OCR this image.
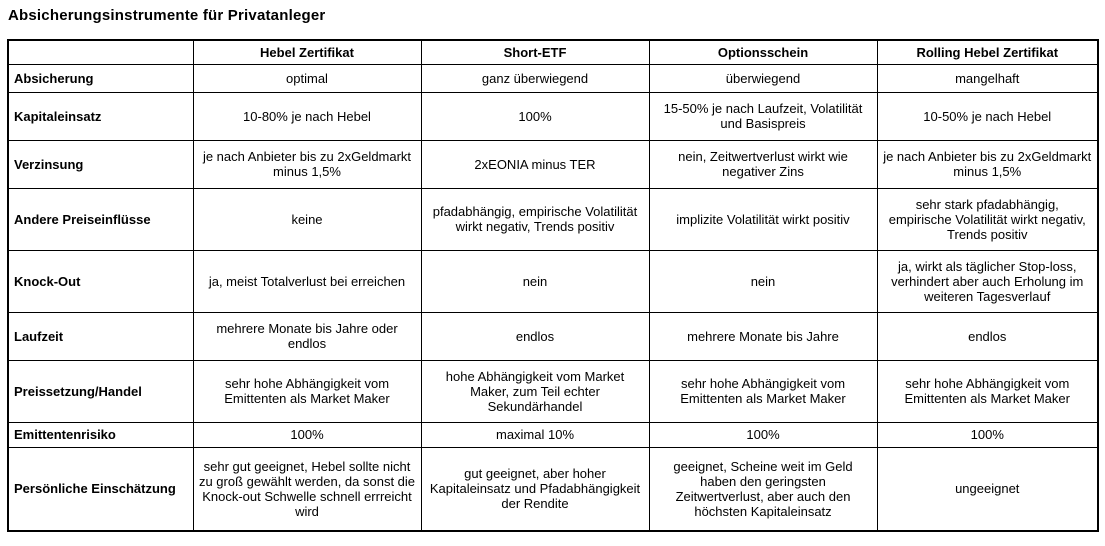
Absicherungsinstrumente für Privatanleger
	Hebel Zertifikat	Short-ETF	Optionsschein	Rolling Hebel Zertifikat
Absicherung	optimal	ganz überwiegend	überwiegend	mangelhaft
Kapitaleinsatz	10-80% je nach Hebel	100%	15-50% je nach Laufzeit, Volatilität und Basispreis	10-50% je nach Hebel
Verzinsung	je nach Anbieter bis zu 2xGeldmarkt minus 1,5%	2xEONIA minus TER	nein, Zeitwertverlust wirkt wie negativer Zins	je nach Anbieter bis zu 2xGeldmarkt minus 1,5%
Andere Preiseinflüsse	keine	pfadabhängig, empirische Volatilität wirkt negativ, Trends positiv	implizite Volatilität wirkt positiv	sehr stark pfadabhängig, empirische Volatilität wirkt negativ, Trends positiv
Knock-Out	ja, meist Totalverlust bei erreichen	nein	nein	ja, wirkt als täglicher Stop-loss, verhindert aber auch Erholung im weiteren Tagesverlauf
Laufzeit	mehrere Monate bis Jahre oder endlos	endlos	mehrere Monate bis Jahre	endlos
Preissetzung/Handel	sehr hohe Abhängigkeit vom Emittenten als Market Maker	hohe Abhängigkeit vom Market Maker, zum Teil echter Sekundärhandel	sehr hohe Abhängigkeit vom Emittenten als Market Maker	sehr hohe Abhängigkeit vom Emittenten als Market Maker
Emittentenrisiko	100%	maximal 10%	100%	100%
Persönliche Einschätzung	sehr gut geeignet, Hebel sollte nicht zu groß gewählt werden, da sonst die Knock-out Schwelle schnell errreicht wird	gut geeignet, aber hoher Kapitaleinsatz und Pfadabhängigkeit der Rendite	geeignet, Scheine weit im Geld haben den geringsten Zeitwertverlust, aber auch den höchsten Kapitaleinsatz	ungeeignet
